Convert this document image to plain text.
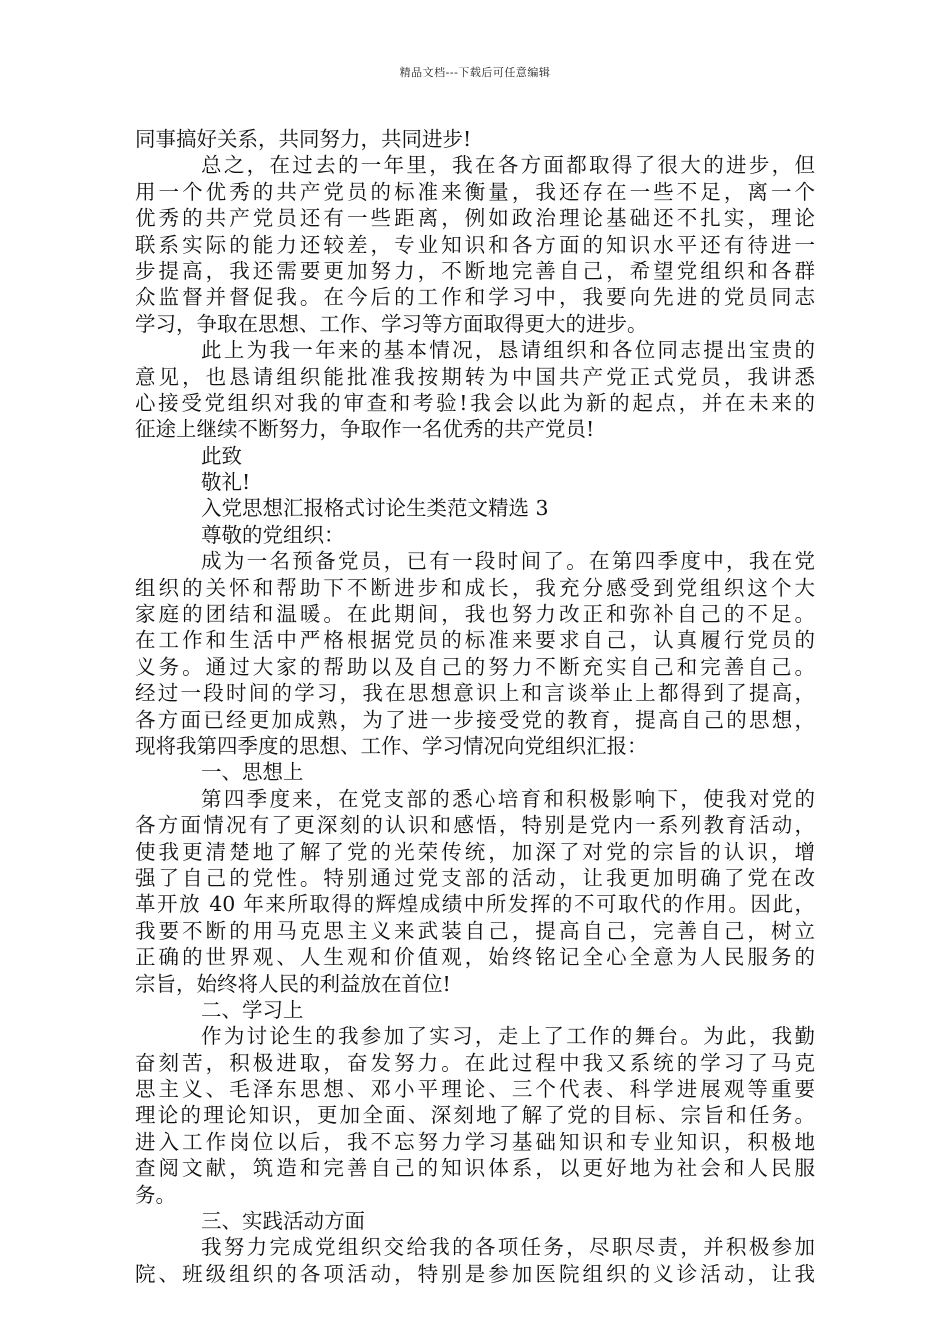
精品文档---下载后可任意编辑
同事搞好关系，共同努力，共同进步!
总之，在过去的一年里，我在各方面都取得了很大的进步，但
用一个优秀的共产党员的标准来衡量，我还存在一些不足，离一个
优秀的共产党员还有一些距离，例如政治理论基础还不扎实，理论
联系实际的能力还较差，专业知识和各方面的知识水平还有待进一
步提高，我还需要更加努力，不断地完善自己，希望党组织和各群
众监督并督促我。在今后的工作和学习中，我要向先进的党员同志
学习，争取在思想、工作、学习等方面取得更大的进步。
此上为我一年来的基本情况，恳请组织和各位同志提出宝贵的
意见，也恳请组织能批准我按期转为中国共产党正式党员，我讲悉
心接受党组织对我的审查和考验!我会以此为新的起点，并在未来的
征途上继续不断努力，争取作一名优秀的共产党员!
此致
敬礼!
入党思想汇报格式讨论生类范文精选 3
尊敬的党组织：
成为一名预备党员，已有一段时间了。在第四季度中，我在党
组织的关怀和帮助下不断进步和成长，我充分感受到党组织这个大
家庭的团结和温暖。在此期间，我也努力改正和弥补自己的不足。
在工作和生活中严格根据党员的标准来要求自己，认真履行党员的
义务。通过大家的帮助以及自己的努力不断充实自己和完善自己。
经过一段时间的学习，我在思想意识上和言谈举止上都得到了提高，
各方面已经更加成熟，为了进一步接受党的教育，提高自己的思想，
现将我第四季度的思想、工作、学习情况向党组织汇报：
一、思想上
第四季度来，在党支部的悉心培育和积极影响下，使我对党的
各方面情况有了更深刻的认识和感悟，特别是党内一系列教育活动，
使我更清楚地了解了党的光荣传统，加深了对党的宗旨的认识，增
强了自己的党性。特别通过党支部的活动，让我更加明确了党在改
革开放 40 年来所取得的辉煌成绩中所发挥的不可取代的作用。因此，
我要不断的用马克思主义来武装自己，提高自己，完善自己，树立
正确的世界观、人生观和价值观，始终铭记全心全意为人民服务的
宗旨，始终将人民的利益放在首位!
二、学习上
作为讨论生的我参加了实习，走上了工作的舞台。为此，我勤
奋刻苦，积极进取，奋发努力。在此过程中我又系统的学习了马克
思主义、毛泽东思想、邓小平理论、三个代表、科学进展观等重要
理论的理论知识，更加全面、深刻地了解了党的目标、宗旨和任务。
进入工作岗位以后，我不忘努力学习基础知识和专业知识，积极地
查阅文献，筑造和完善自己的知识体系，以更好地为社会和人民服
务。
三、实践活动方面
我努力完成党组织交给我的各项任务，尽职尽责，并积极参加
院、班级组织的各项活动，特别是参加医院组织的义诊活动，让我
